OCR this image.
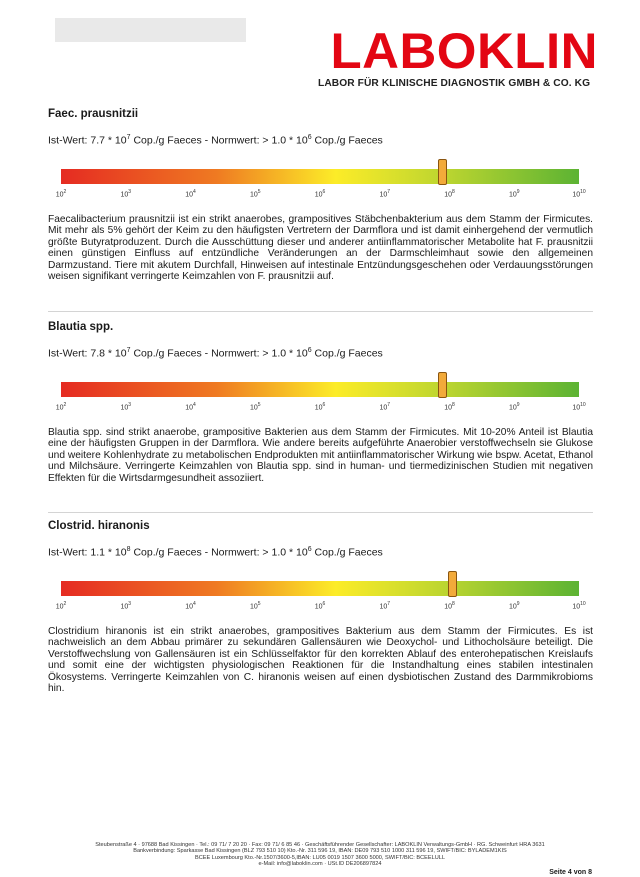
LABOKLIN
LABOR FÜR KLINISCHE DIAGNOSTIK GMBH & CO. KG

Faec. prausnitzii

Ist-Wert: $7.7 * 10^7$ Cop./g Faeces - Normwert: > $1.0 * 10^6$ Cop./g Faeces
$10^2$	$10^3$	$10^4$	$10^5$	$10^6$	$10^7$	$10^8$	$10^9$	$10^{10}$

Faecalibacterium prausnitzii ist ein strikt anaerobes, grampositives Stäbchenbakterium aus dem Stamm der Firmicutes. Mit mehr als 5% gehört der Keim zu den häufigsten Vertretern der Darmflora und ist damit einhergehend der vermutlich größte Butyratproduzent. Durch die Ausschüttung dieser und anderer antiinflammatorischer Metabolite hat F. prausnitzii einen günstigen Einfluss auf entzündliche Veränderungen an der Darmschleimhaut sowie den allgemeinen Darmzustand. Tiere mit akutem Durchfall, Hinweisen auf intestinale Entzündungsgeschehen oder Verdauungsstörungen weisen signifikant verringerte Keimzahlen von F. prausnitzii auf.

Blautia spp.

Ist-Wert: $7.8 * 10^7$ Cop./g Faeces - Normwert: > $1.0 * 10^6$ Cop./g Faeces
$10^2$	$10^3$	$10^4$	$10^5$	$10^6$	$10^7$	$10^8$	$10^9$	$10^{10}$

Blautia spp. sind strikt anaerobe, grampositive Bakterien aus dem Stamm der Firmicutes. Mit 10-20% Anteil ist Blautia eine der häufigsten Gruppen in der Darmflora. Wie andere bereits aufgeführte Anaerobier verstoffwechseln sie Glukose und weitere Kohlenhydrate zu metabolischen Endprodukten mit antiinflammatorischer Wirkung wie bspw. Acetat, Ethanol und Milchsäure. Verringerte Keimzahlen von Blautia spp. sind in human- und tiermedizinischen Studien mit negativen Effekten für die Wirtsdarmgesundheit assoziiert.

Clostrid. hiranonis

Ist-Wert: $1.1 * 10^8$ Cop./g Faeces - Normwert: > $1.0 * 10^6$ Cop./g Faeces
$10^2$	$10^3$	$10^4$	$10^5$	$10^6$	$10^7$	$10^8$	$10^9$	$10^{10}$

Clostridium hiranonis ist ein strikt anaerobes, grampositives Bakterium aus dem Stamm der Firmicutes. Es ist nachweislich an dem Abbau primärer zu sekundären Gallensäuren wie Deoxychol- und Lithocholsäure beteiligt. Die Verstoffwechslung von Gallensäuren ist ein Schlüsselfaktor für den korrekten Ablauf des enterohepatischen Kreislaufs und somit eine der wichtigsten physiologischen Reaktionen für die Instandhaltung eines stabilen intestinalen Ökosystems. Verringerte Keimzahlen von C. hiranonis weisen auf einen dysbiotischen Zustand des Darmmikrobioms hin.

Steubenstraße 4 · 97688 Bad Kissingen · Tel.: 09 71/ 7 20 20 · Fax: 09 71/ 6 85 46 · Geschäftsführender Gesellschafter: LABOKLIN Verwaltungs-GmbH · RG. Schweinfurt HRA 3631
Bankverbindung: Sparkasse Bad Kissingen (BLZ 793 510 10) Kto.-Nr. 311 596 19, IBAN: DE09 793 510 1000 311 596 19, SWIFT/BIC: BYLADEM1KIS
BCEE Luxembourg Kto.-Nr.1507/3600-5,IBAN: LU05 0019 1507 3600 5000, SWIFT/BIC: BCEELULL
e-Mail: info@laboklin.com · USt.ID DE206897824
Seite 4 von 8
